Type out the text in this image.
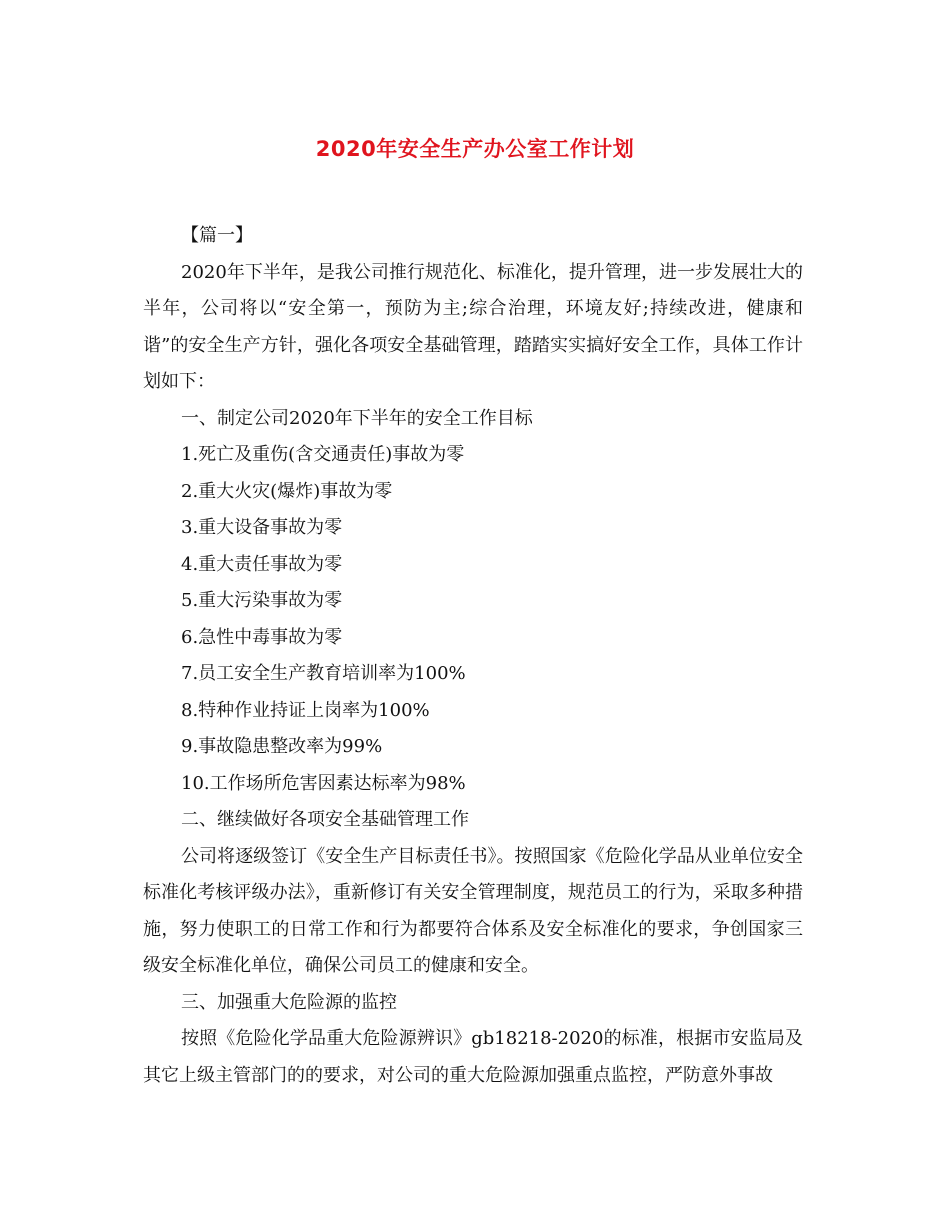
2020年安全生产办公室工作计划
【篇一】
2020年下半年，是我公司推行规范化、标准化，提升管理，进一步发展壮大的半年，公司将以“安全第一，预防为主;综合治理，环境友好;持续改进，健康和谐”的安全生产方针，强化各项安全基础管理，踏踏实实搞好安全工作，具体工作计划如下：
一、制定公司2020年下半年的安全工作目标
1.死亡及重伤(含交通责任)事故为零
2.重大火灾(爆炸)事故为零
3.重大设备事故为零
4.重大责任事故为零
5.重大污染事故为零
6.急性中毒事故为零
7.员工安全生产教育培训率为100%
8.特种作业持证上岗率为100%
9.事故隐患整改率为99%
10.工作场所危害因素达标率为98%
二、继续做好各项安全基础管理工作
公司将逐级签订《安全生产目标责任书》。按照国家《危险化学品从业单位安全标准化考核评级办法》，重新修订有关安全管理制度，规范员工的行为，采取多种措施，努力使职工的日常工作和行为都要符合体系及安全标准化的要求，争创国家三级安全标准化单位，确保公司员工的健康和安全。
三、加强重大危险源的监控
按照《危险化学品重大危险源辨识》gb18218-2020的标准，根据市安监局及其它上级主管部门的的要求，对公司的重大危险源加强重点监控，严防意外事故
